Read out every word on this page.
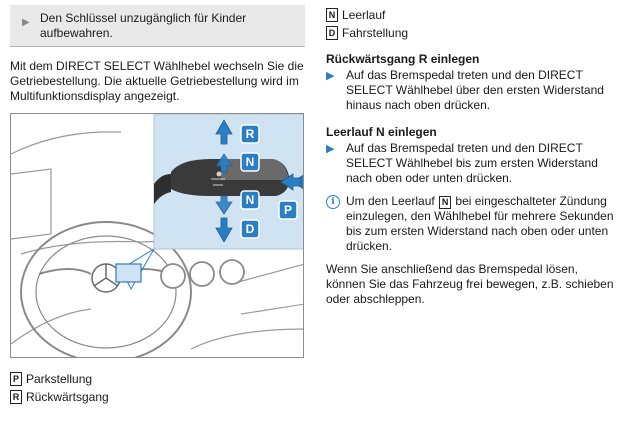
▶ Den Schlüssel unzugänglich für Kinder aufbewahren.

Mit dem DIRECT SELECT Wählhebel wechseln Sie die Getriebestellung. Die aktuelle Getriebestellung wird im Multifunktionsdisplay angezeigt.

R
N
N
D
P
P Parkstellung
R Rückwärtsgang
N Leerlauf
D Fahrstellung
Rückwärtsgang R einlegen
▶ Auf das Bremspedal treten und den DIRECT SELECT Wählhebel über den ersten Widerstand hinaus nach oben drücken.
Leerlauf N einlegen
▶ Auf das Bremspedal treten und den DIRECT SELECT Wählhebel bis zum ersten Widerstand nach oben oder unten drücken.
i Um den Leerlauf N bei eingeschalteter Zündung einzulegen, den Wählhebel für mehrere Sekunden bis zum ersten Widerstand nach oben oder unten drücken.

Wenn Sie anschließend das Bremspedal lösen, können Sie das Fahrzeug frei bewegen, z.B. schieben oder abschleppen.
